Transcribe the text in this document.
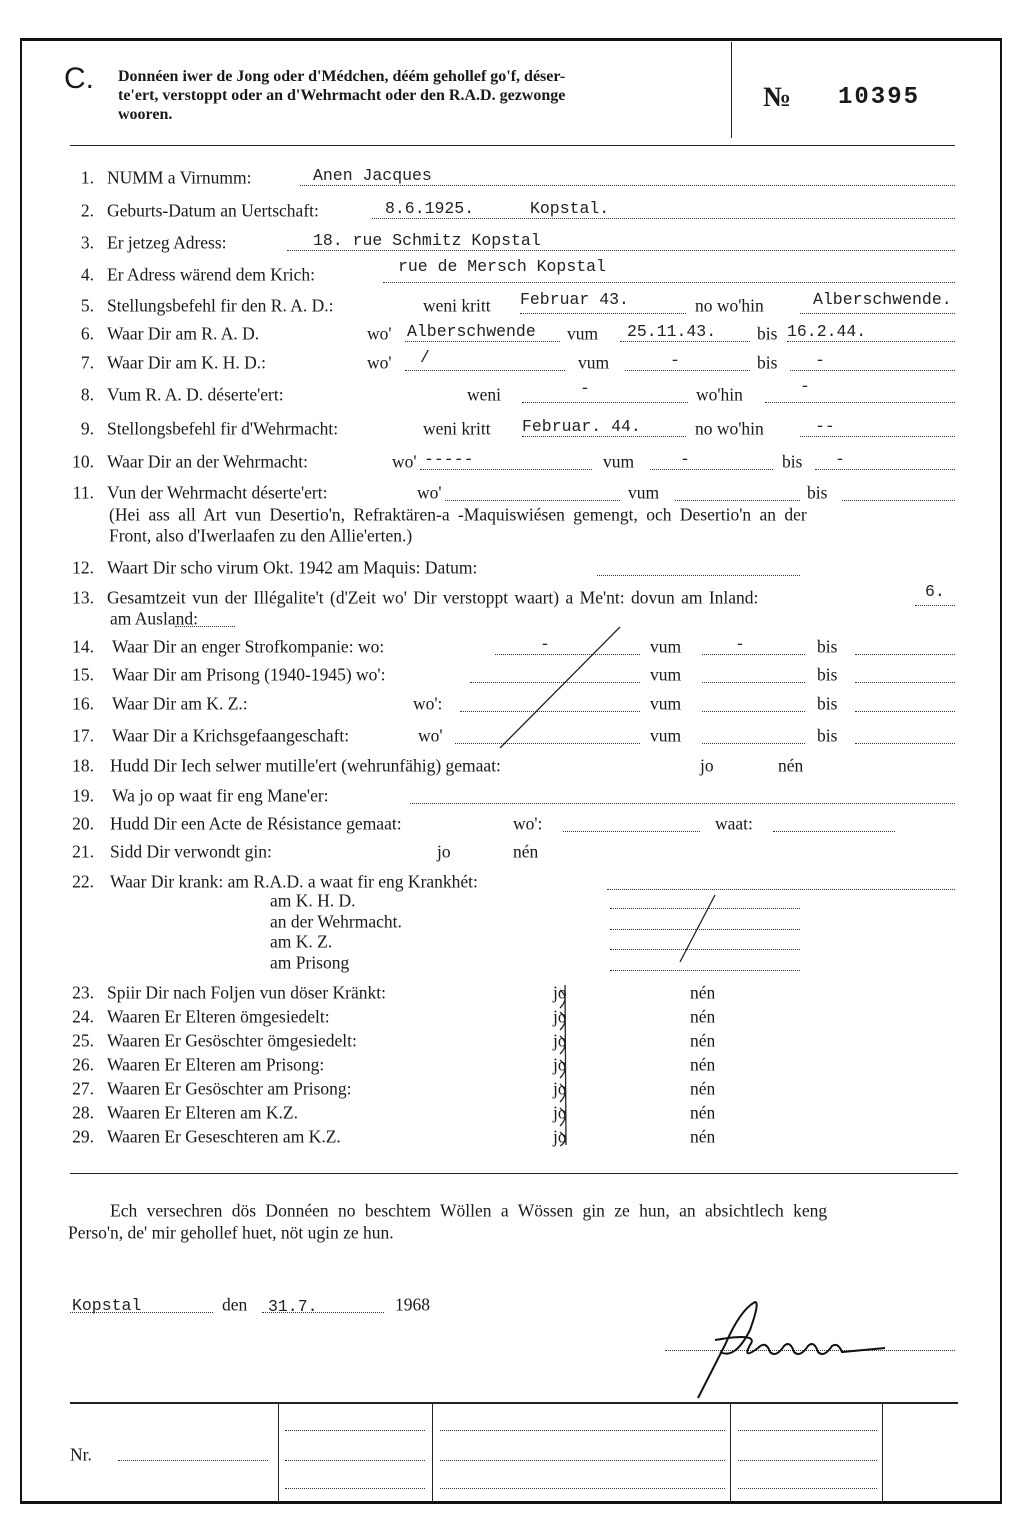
C. Donnéen iwer de Jong oder d'Médchen, déém gehollef go'f, déser-
te'ert, verstoppt oder an d'Wehrmacht oder den R.A.D. gezwonge
wooren.
№ 10395
1. NUMM a Virnumm:	Anen Jacques
2. Geburts-Datum an Uertschaft:	8.6.1925.	Kopstal.
3. Er jetzeg Adress:	18. rue Schmitz Kopstal
4. Er Adress wärend dem Krich:	rue de Mersch Kopstal
5. Stellungsbefehl fir den R. A. D.:	weni kritt Februar 43.	no wo'hin	Alberschwende.
6. Waar Dir am R. A. D.	wo' Alberschwende vum 25.11.43. bis 16.2.44.
7. Waar Dir am K. H. D.:	wo' /	vum	-	bis -
8. Vum R. A. D. déserte'ert:	weni	-	wo'hin	-
9. Stellongsbefehl fir d'Wehrmacht:	weni kritt Februar. 44.	no wo'hin	--
10. Waar Dir an der Wehrmacht:	wo' -----	vum	-	bis -
11. Vun der Wehrmacht déserte'ert:	wo'	vum	bis
(Hei ass all Art vun Desertio'n, Refraktären-a -Maquiswiésen gemengt, och Desertio'n an der
Front, also d'Iwerlaafen zu den Allie'erten.)
12. Waart Dir scho virum Okt. 1942 am Maquis: Datum:
13. Gesamtzeit vun der Illégalite't (d'Zeit wo' Dir verstoppt waart) a Me'nt: dovun am Inland:	6.
am Ausland:
14. Waar Dir an enger Strofkompanie: wo:	-	vum	-	bis
15. Waar Dir am Prisong (1940-1945) wo':	vum	bis
16. Waar Dir am K. Z.:	wo':	vum	bis
17. Waar Dir a Krichsgefaangeschaft:	wo'	vum	bis
18. Hudd Dir Iech selwer mutille'ert (wehrunfähig) gemaat:	jo	nén
19. Wa jo op waat fir eng Mane'er:
20. Hudd Dir een Acte de Résistance gemaat:	wo':	waat:
21. Sidd Dir verwondt gin:	jo	nén
22. Waar Dir krank: am R.A.D. a waat fir eng Krankhét:
am K. H. D.
an der Wehrmacht.
am K. Z.
am Prisong
23. Spiir Dir nach Foljen vun döser Kränkt:	jo	nén
24. Waaren Er Elteren ömgesiedelt:	jo	nén
25. Waaren Er Gesöschter ömgesiedelt:	jo	nén
26. Waaren Er Elteren am Prisong:	jo	nén
27. Waaren Er Gesöschter am Prisong:	jo	nén
28. Waaren Er Elteren am K.Z.	jo	nén
29. Waaren Er Geseschteren am K.Z.	jo	nén
Ech versechren dös Donnéen no beschtem Wöllen a Wössen gin ze hun, an absichtlech keng
Perso'n, de' mir gehollef huet, nöt ugin ze hun.
Kopstal	den 31.7.	1968
Nr.
